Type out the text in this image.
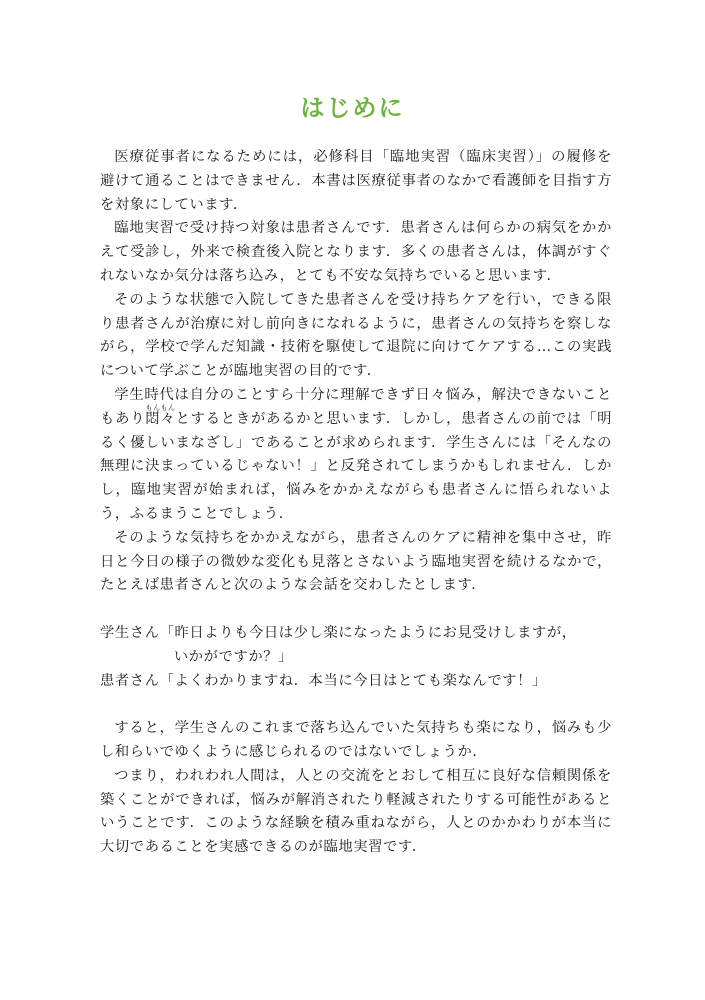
はじめに

医療従事者になるためには，必修科目「臨地実習（臨床実習）」の履修を避けて通ることはできません．本書は医療従事者のなかで看護師を目指す方を対象にしています．

臨地実習で受け持つ対象は患者さんです．患者さんは何らかの病気をかかえて受診し，外来で検査後入院となります．多くの患者さんは，体調がすぐれないなか気分は落ち込み，とても不安な気持ちでいると思います．

そのような状態で入院してきた患者さんを受け持ちケアを行い，できる限り患者さんが治療に対し前向きになれるように，患者さんの気持ちを察しながら，学校で学んだ知識・技術を駆使して退院に向けてケアする…この実践について学ぶことが臨地実習の目的です．

学生時代は自分のことすら十分に理解できず日々悩み，解決できないこともあり悶々もんもんとするときがあるかと思います．しかし，患者さんの前では「明るく優しいまなざし」であることが求められます．学生さんには「そんなの無理に決まっているじゃない！」と反発されてしまうかもしれません．しかし，臨地実習が始まれば，悩みをかかえながらも患者さんに悟られないよう，ふるまうことでしょう．

そのような気持ちをかかえながら，患者さんのケアに精神を集中させ，昨日と今日の様子の微妙な変化も見落とさないよう臨地実習を続けるなかで，たとえば患者さんと次のような会話を交わしたとします．

学生さん 「昨日よりも今日は少し楽になったようにお見受けしますが，
いかがですか？」
患者さん 「よくわかりますね．本当に今日はとても楽なんです！」

すると，学生さんのこれまで落ち込んでいた気持ちも楽になり，悩みも少し和らいでゆくように感じられるのではないでしょうか．

つまり，われわれ人間は，人との交流をとおして相互に良好な信頼関係を築くことができれば，悩みが解消されたり軽減されたりする可能性があるということです．このような経験を積み重ねながら，人とのかかわりが本当に大切であることを実感できるのが臨地実習です．
